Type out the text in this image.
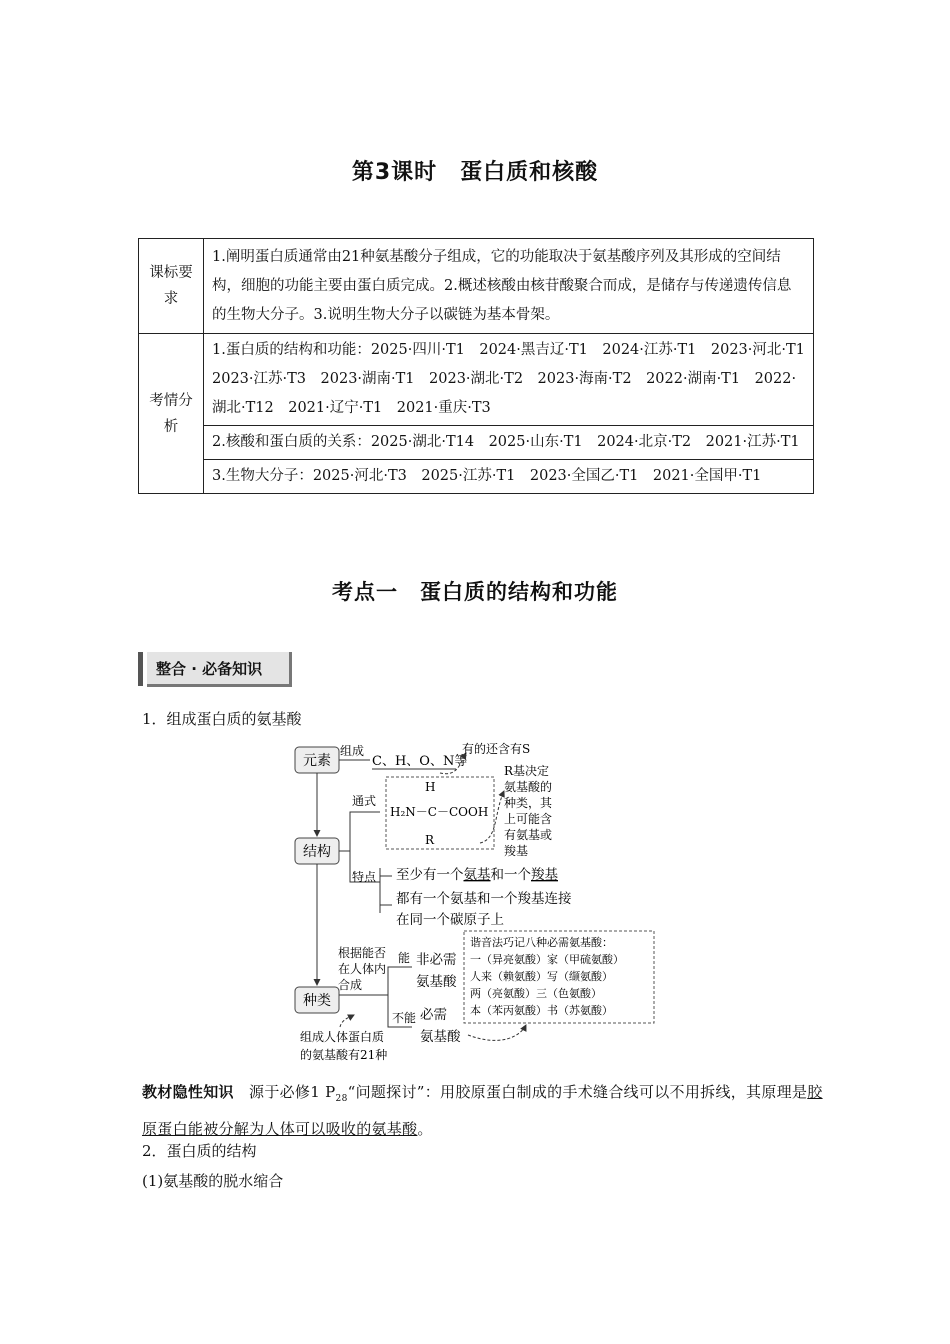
第3课时　蛋白质和核酸
课标要求	1.阐明蛋白质通常由21种氨基酸分子组成，它的功能取决于氨基酸序列及其形成的空间结构，细胞的功能主要由蛋白质完成。2.概述核酸由核苷酸聚合而成，是储存与传递遗传信息的生物大分子。3.说明生物大分子以碳链为基本骨架。
考情分析	1.蛋白质的结构和功能：2025·四川·T1　2024·黑吉辽·T1　2024·江苏·T1　2023·河北·T1　2023·江苏·T3　2023·湖南·T1　2023·湖北·T2　2023·海南·T2　2022·湖南·T1　2022·湖北·T12　2021·辽宁·T1　2021·重庆·T3
	2.核酸和蛋白质的关系：2025·湖北·T14　2025·山东·T1　2024·北京·T2　2021·江苏·T1
	3.生物大分子：2025·河北·T3　2025·江苏·T1　2023·全国乙·T1　2021·全国甲·T1
考点一　蛋白质的结构和功能
整合 · 必备知识
1．组成蛋白质的氨基酸
元素
结构
种类
组成
C、H、O、N等
有的还含有S
通式
特点
H
H₂N－C－COOH
R
R基决定
氨基酸的
种类，其
上可能含
有氨基或
羧基
至少有一个氨基和一个羧基
都有一个氨基和一个羧基连接
在同一个碳原子上
根据能否
在人体内
合成
能
不能
非必需
氨基酸
必需
氨基酸
谐音法巧记八种必需氨基酸：
一（异亮氨酸）家（甲硫氨酸）
人来（赖氨酸）写（缬氨酸）
两（亮氨酸）三（色氨酸）
本（苯丙氨酸）书（苏氨酸）
组成人体蛋白质
的氨基酸有21种
教材隐性知识 源于必修1 $P_{28}“$问题探讨”：用胶原蛋白制成的手术缝合线可以不用拆线，其原理是胶原蛋白能被分解为人体可以吸收的氨基酸。
2．蛋白质的结构
(1)氨基酸的脱水缩合
